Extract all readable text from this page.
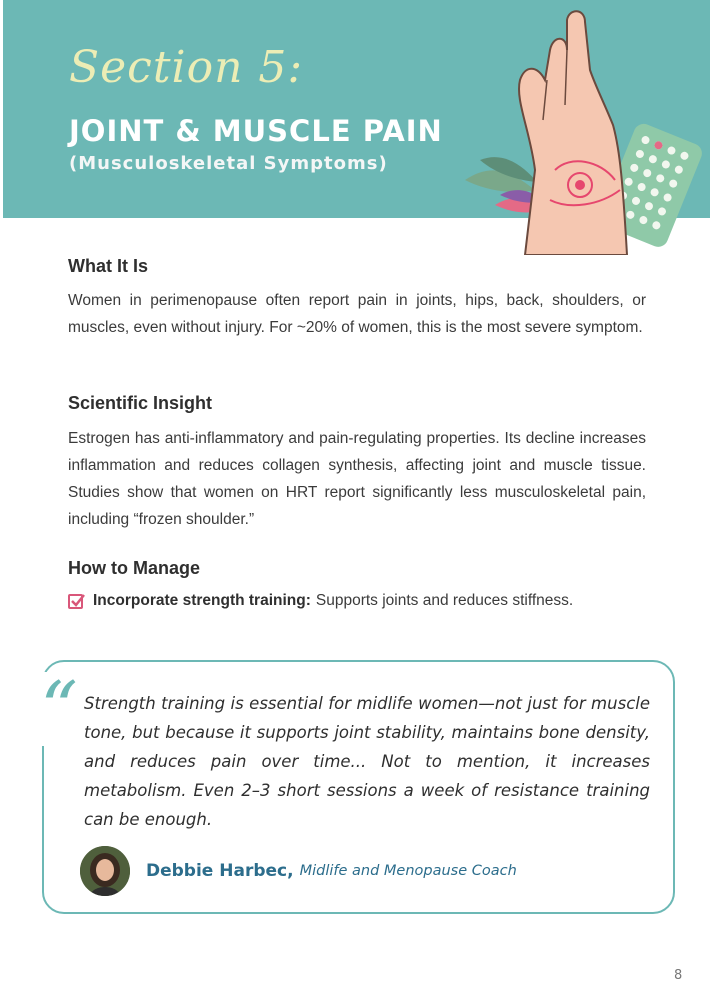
Section 5:
JOINT & MUSCLE PAIN
(Musculoskeletal Symptoms)
What It Is

Women in perimenopause often report pain in joints, hips, back, shoulders, or muscles, even without injury. For ~20% of women, this is the most severe symptom.

Scientific Insight

Estrogen has anti-inflammatory and pain-regulating properties. Its decline increases inflammation and reduces collagen synthesis, affecting joint and muscle tissue. Studies show that women on HRT report significantly less musculoskeletal pain, including “frozen shoulder.”

How to Manage
Incorporate strength training: Supports joints and reduces stiffness.
“ Strength training is essential for midlife women—not just for muscle tone, but because it supports joint stability, maintains bone density, and reduces pain over time... Not to mention, it increases metabolism. Even 2–3 short sessions a week of resistance training can be enough.

Debbie Harbec, Midlife and Menopause Coach
8
